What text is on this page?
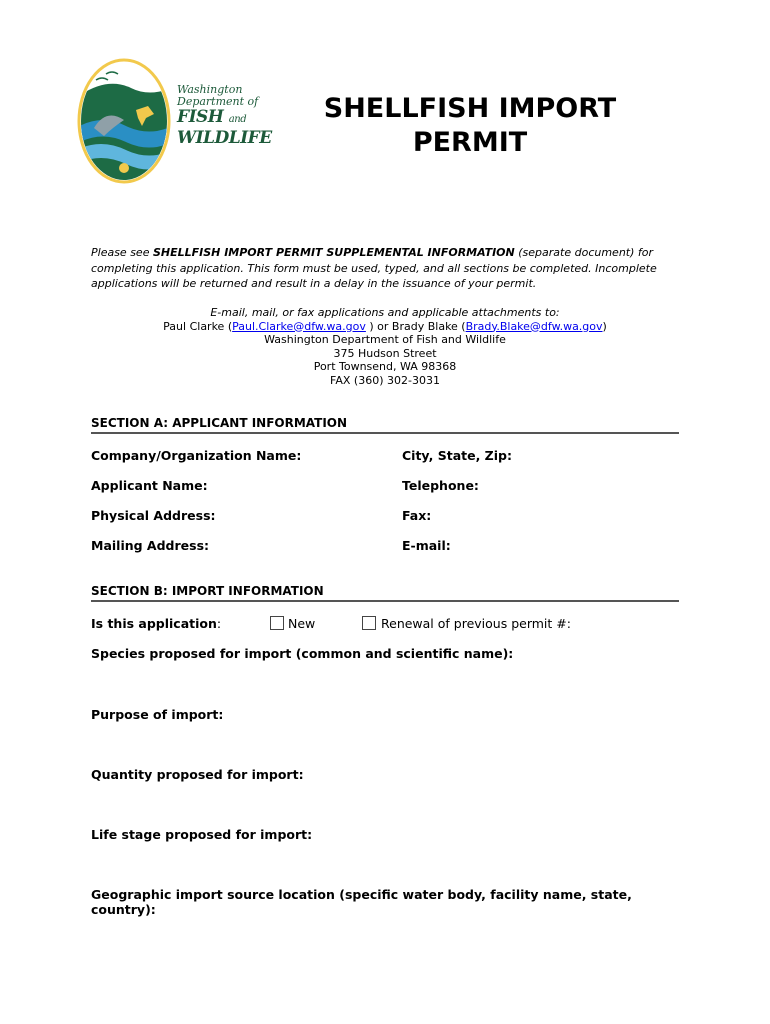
Washington
Department of
FISH and
WILDLIFE
SHELLFISH IMPORT
PERMIT
Please see SHELLFISH IMPORT PERMIT SUPPLEMENTAL INFORMATION (separate document) for completing this application. This form must be used, typed, and all sections be completed. Incomplete applications will be returned and result in a delay in the issuance of your permit.
E-mail, mail, or fax applications and applicable attachments to:
Paul Clarke (Paul.Clarke@dfw.wa.gov ) or Brady Blake (Brady.Blake@dfw.wa.gov)
Washington Department of Fish and Wildlife
375 Hudson Street
Port Townsend, WA 98368
FAX (360) 302-3031
SECTION A: APPLICANT INFORMATION
Company/Organization Name:	City, State, Zip:
Applicant Name:	Telephone:
Physical Address:	Fax:
Mailing Address:	E-mail:
SECTION B: IMPORT INFORMATION
Is this application:	New	Renewal of previous permit #:
Species proposed for import (common and scientific name):
Purpose of import:
Quantity proposed for import:
Life stage proposed for import:
Geographic import source location (specific water body, facility name, state, country):
